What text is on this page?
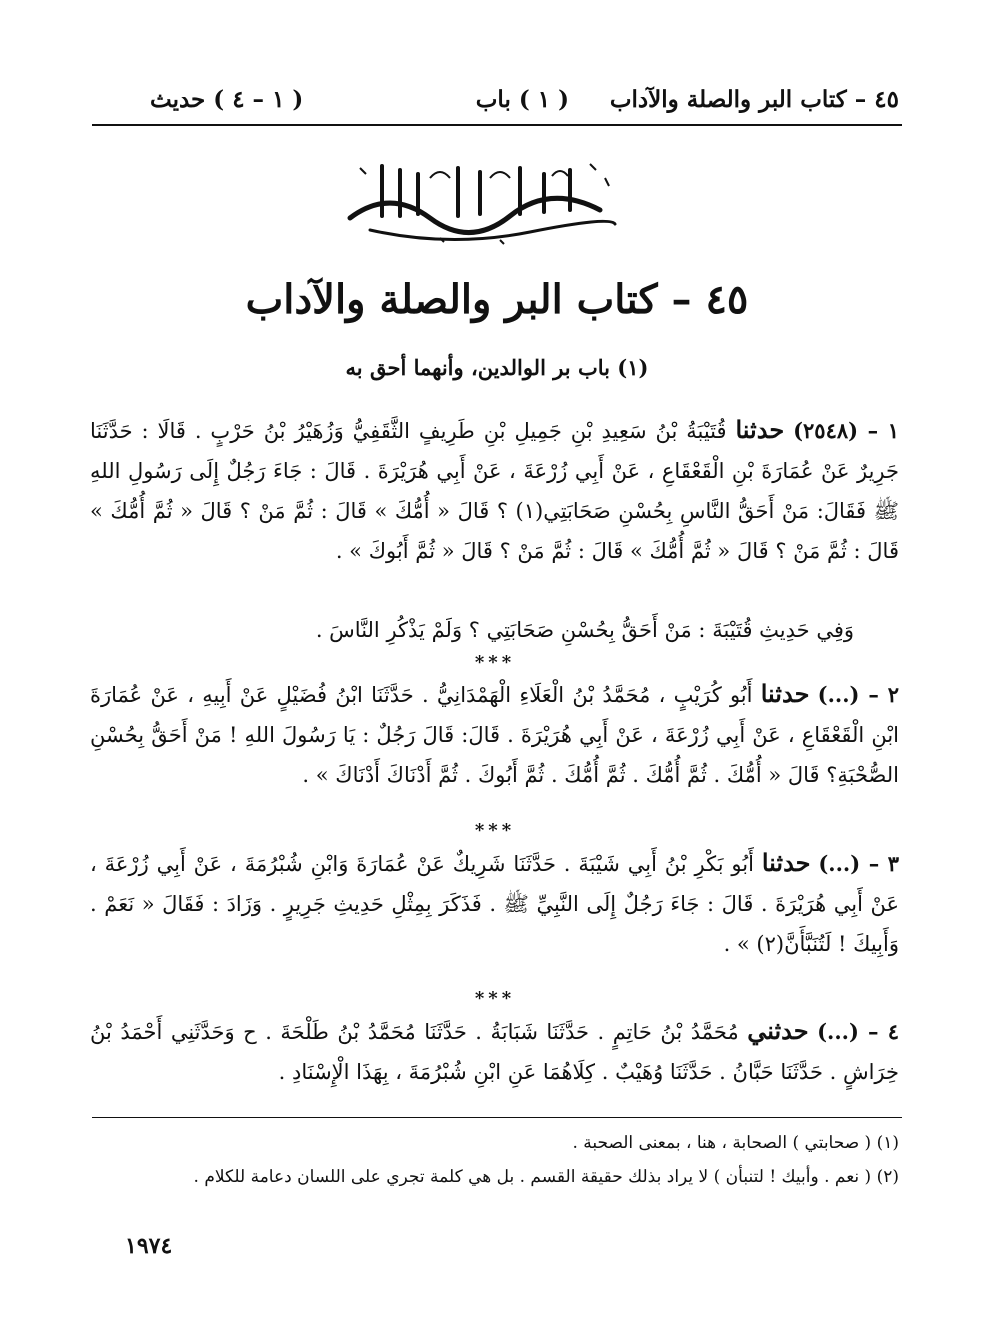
٤٥ – كتاب البر والصلة والآداب
( ١ ) باب
( ١ – ٤ ) حديث
٤٥ – كتاب البر والصلة والآداب
(١) باب بر الوالدين، وأنهما أحق به
١ – (٢٥٤٨) حدثنا قُتَيْبَةُ بْنُ سَعِيدِ بْنِ جَمِيلِ بْنِ طَرِيفٍ الثَّقَفِيُّ وَزُهَيْرُ بْنُ حَرْبٍ . قَالَا : حَدَّثَنَا جَرِيرٌ عَنْ عُمَارَةَ بْنِ الْقَعْقَاعِ ، عَنْ أَبِي زُرْعَةَ ، عَنْ أَبِي هُرَيْرَةَ . قَالَ : جَاءَ رَجُلٌ إِلَى رَسُولِ اللهِ ﷺ فَقَالَ: مَنْ أَحَقُّ النَّاسِ بِحُسْنِ صَحَابَتِي(١) ؟ قَالَ « أُمُّكَ » قَالَ : ثُمَّ مَنْ ؟ قَالَ « ثُمَّ أُمُّكَ » قَالَ : ثُمَّ مَنْ ؟ قَالَ « ثُمَّ أُمُّكَ » قَالَ : ثُمَّ مَنْ ؟ قَالَ « ثُمَّ أَبُوكَ » .
وَفِي حَدِيثِ قُتَيْبَةَ : مَنْ أَحَقُّ بِحُسْنِ صَحَابَتِي ؟ وَلَمْ يَذْكُرِ النَّاسَ .
***
٢ – (...) حدثنا أَبُو كُرَيْبٍ ، مُحَمَّدُ بْنُ الْعَلَاءِ الْهَمْدَانِيُّ . حَدَّثَنَا ابْنُ فُضَيْلٍ عَنْ أَبِيهِ ، عَنْ عُمَارَةَ ابْنِ الْقَعْقَاعِ ، عَنْ أَبِي زُرْعَةَ ، عَنْ أَبِي هُرَيْرَةَ . قَالَ: قَالَ رَجُلٌ : يَا رَسُولَ اللهِ ! مَنْ أَحَقُّ بِحُسْنِ الصُّحْبَةِ؟ قَالَ « أُمُّكَ . ثُمَّ أُمُّكَ . ثُمَّ أُمُّكَ . ثُمَّ أَبُوكَ . ثُمَّ أَدْنَاكَ أَدْنَاكَ » .
***
٣ – (...) حدثنا أَبُو بَكْرِ بْنُ أَبِي شَيْبَةَ . حَدَّثَنَا شَرِيكٌ عَنْ عُمَارَةَ وَابْنِ شُبْرُمَةَ ، عَنْ أَبِي زُرْعَةَ ، عَنْ أَبِي هُرَيْرَةَ . قَالَ : جَاءَ رَجُلٌ إِلَى النَّبِيِّ ﷺ . فَذَكَرَ بِمِثْلِ حَدِيثِ جَرِيرٍ . وَزَادَ : فَقَالَ « نَعَمْ . وَأَبِيكَ ! لَتُنَبَّأَنَّ(٢) » .
***
٤ – (...) حدثني مُحَمَّدُ بْنُ حَاتِمٍ . حَدَّثَنَا شَبَابَةُ . حَدَّثَنَا مُحَمَّدُ بْنُ طَلْحَةَ . ح وَحَدَّثَنِي أَحْمَدُ بْنُ خِرَاشٍ . حَدَّثَنَا حَبَّانُ . حَدَّثَنَا وُهَيْبٌ . كِلَاهُمَا عَنِ ابْنِ شُبْرُمَةَ ، بِهَذَا الْإِسْنَادِ .
(١) ( صحابتي ) الصحابة ، هنا ، بمعنى الصحبة .
(٢) ( نعم . وأبيك ! لتنبأن ) لا يراد بذلك حقيقة القسم . بل هي كلمة تجري على اللسان دعامة للكلام .
١٩٧٤
